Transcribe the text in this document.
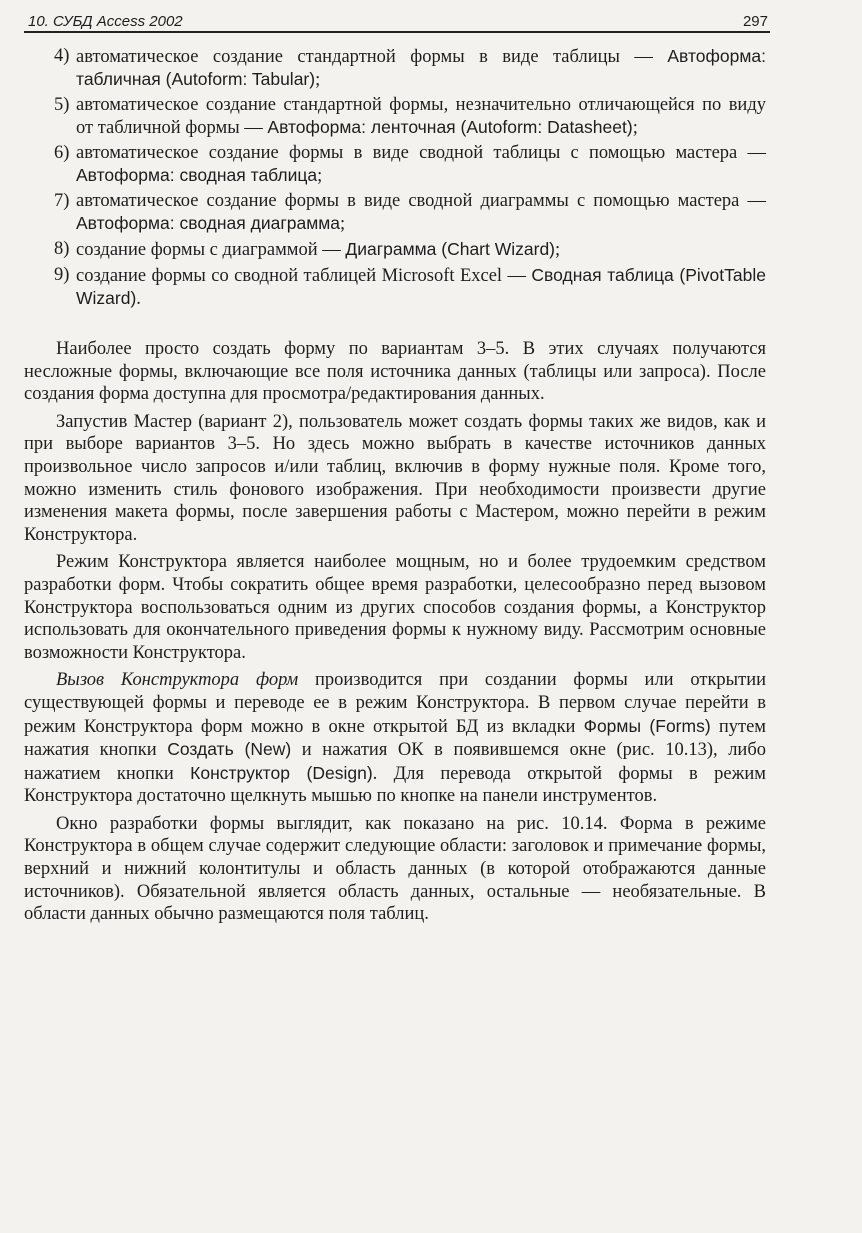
10. СУБД Access 2002	297
4) автоматическое создание стандартной формы в виде таблицы — Автоформа: табличная (Autoform: Tabular);
5) автоматическое создание стандартной формы, незначительно отличающейся по виду от табличной формы — Автоформа: ленточная (Autoform: Datasheet);
6) автоматическое создание формы в виде сводной таблицы с помощью мастера — Автоформа: сводная таблица;
7) автоматическое создание формы в виде сводной диаграммы с помощью мастера — Автоформа: сводная диаграмма;
8) создание формы с диаграммой — Диаграмма (Chart Wizard);
9) создание формы со сводной таблицей Microsoft Excel — Сводная таблица (PivotTable Wizard).

Наиболее просто создать форму по вариантам 3–5. В этих случаях получаются несложные формы, включающие все поля источника данных (таблицы или запроса). После создания форма доступна для просмотра/редактирования данных.

Запустив Мастер (вариант 2), пользователь может создать формы таких же видов, как и при выборе вариантов 3–5. Но здесь можно выбрать в качестве источников данных произвольное число запросов и/или таблиц, включив в форму нужные поля. Кроме того, можно изменить стиль фонового изображения. При необходимости произвести другие изменения макета формы, после завершения работы с Мастером, можно перейти в режим Конструктора.

Режим Конструктора является наиболее мощным, но и более трудоемким средством разработки форм. Чтобы сократить общее время разработки, целесообразно перед вызовом Конструктора воспользоваться одним из других способов создания формы, а Конструктор использовать для окончательного приведения формы к нужному виду. Рассмотрим основные возможности Конструктора.

Вызов Конструктора форм производится при создании формы или открытии существующей формы и переводе ее в режим Конструктора. В первом случае перейти в режим Конструктора форм можно в окне открытой БД из вкладки Формы (Forms) путем нажатия кнопки Создать (New) и нажатия ОК в появившемся окне (рис. 10.13), либо нажатием кнопки Конструктор (Design). Для перевода открытой формы в режим Конструктора достаточно щелкнуть мышью по кнопке на панели инструментов.

Окно разработки формы выглядит, как показано на рис. 10.14. Форма в режиме Конструктора в общем случае содержит следующие области: заголовок и примечание формы, верхний и нижний колонтитулы и область данных (в которой отображаются данные источников). Обязательной является область данных, остальные — необязательные. В области данных обычно размещаются поля таблиц.
